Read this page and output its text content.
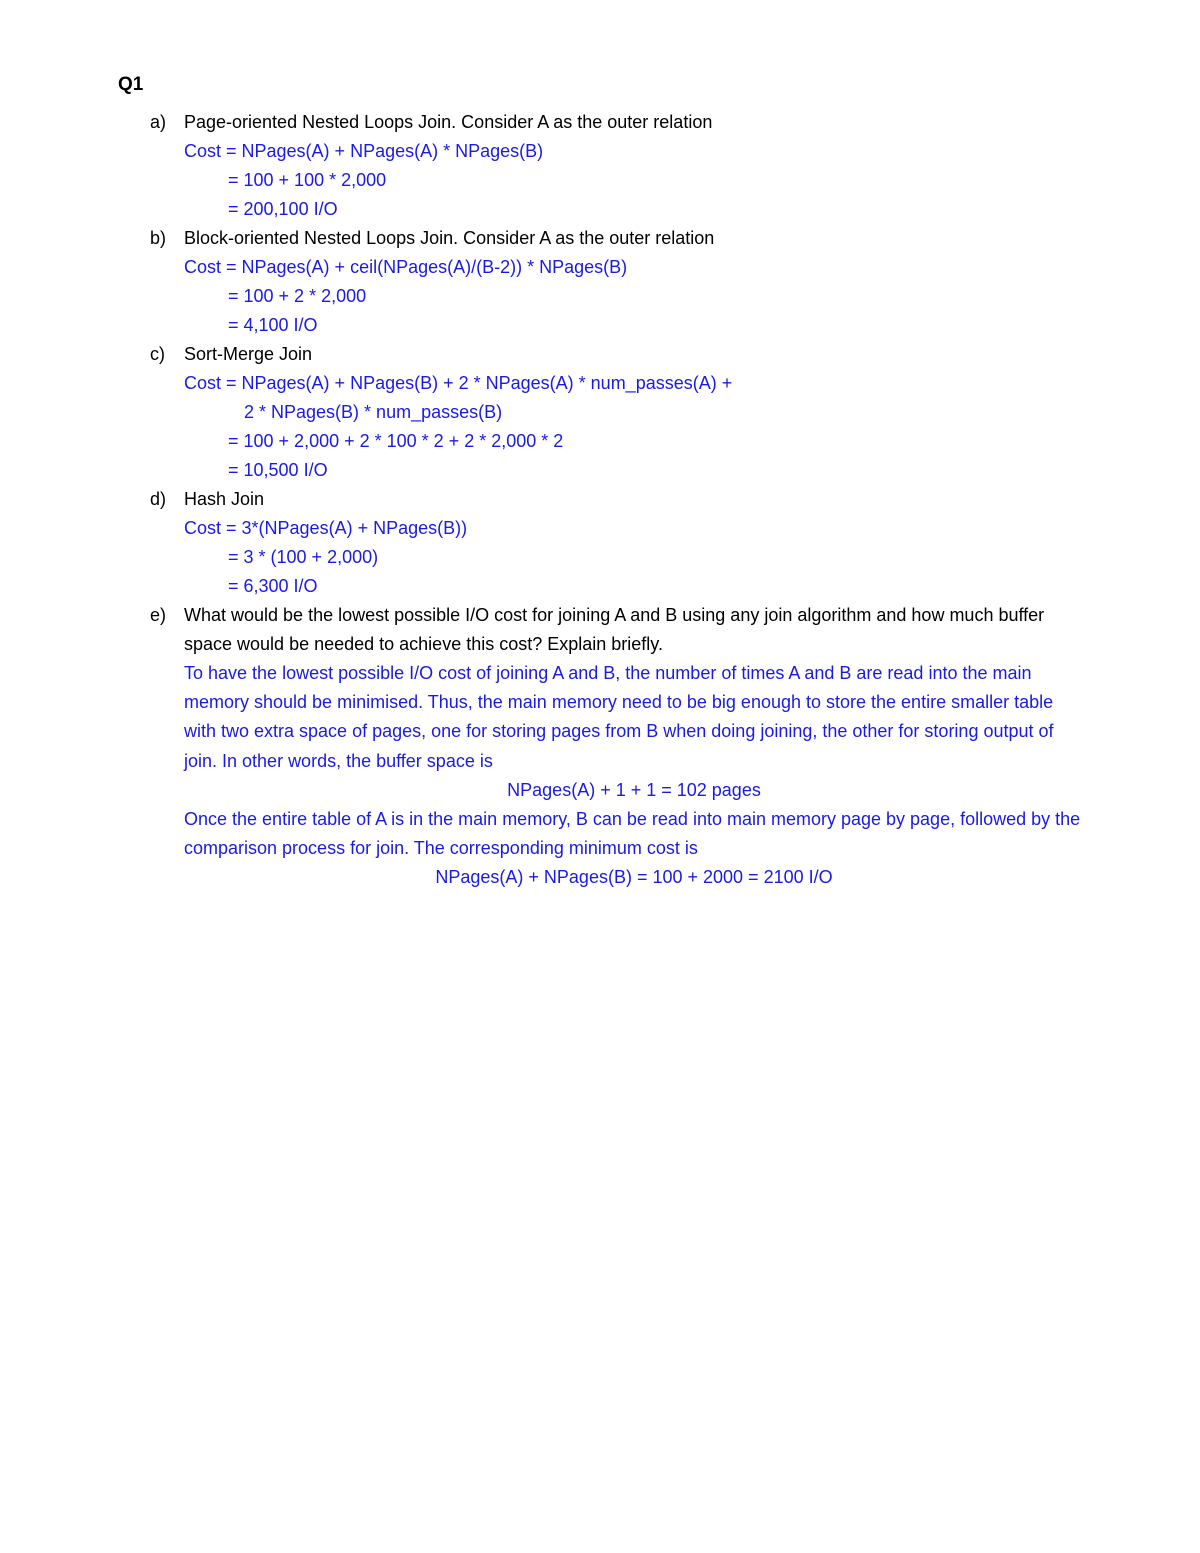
Q1
a) Page-oriented Nested Loops Join. Consider A as the outer relation
Cost = NPages(A) + NPages(A) * NPages(B)
= 100 + 100 * 2,000
= 200,100 I/O
b) Block-oriented Nested Loops Join. Consider A as the outer relation
Cost = NPages(A) + ceil(NPages(A)/(B-2)) * NPages(B)
= 100 + 2 * 2,000
= 4,100 I/O
c) Sort-Merge Join
Cost = NPages(A) + NPages(B) + 2 * NPages(A) * num_passes(A) +
2 * NPages(B) * num_passes(B)
= 100 + 2,000 + 2 * 100 * 2 + 2 * 2,000 * 2
= 10,500 I/O
d) Hash Join
Cost = 3*(NPages(A) + NPages(B))
= 3 * (100 + 2,000)
= 6,300 I/O
e) What would be the lowest possible I/O cost for joining A and B using any join algorithm and how much buffer space would be needed to achieve this cost? Explain briefly.
To have the lowest possible I/O cost of joining A and B, the number of times A and B are read into the main memory should be minimised. Thus, the main memory need to be big enough to store the entire smaller table with two extra space of pages, one for storing pages from B when doing joining, the other for storing output of join. In other words, the buffer space is
NPages(A) + 1 + 1 = 102 pages
Once the entire table of A is in the main memory, B can be read into main memory page by page, followed by the comparison process for join. The corresponding minimum cost is
NPages(A) + NPages(B) = 100 + 2000 = 2100 I/O
